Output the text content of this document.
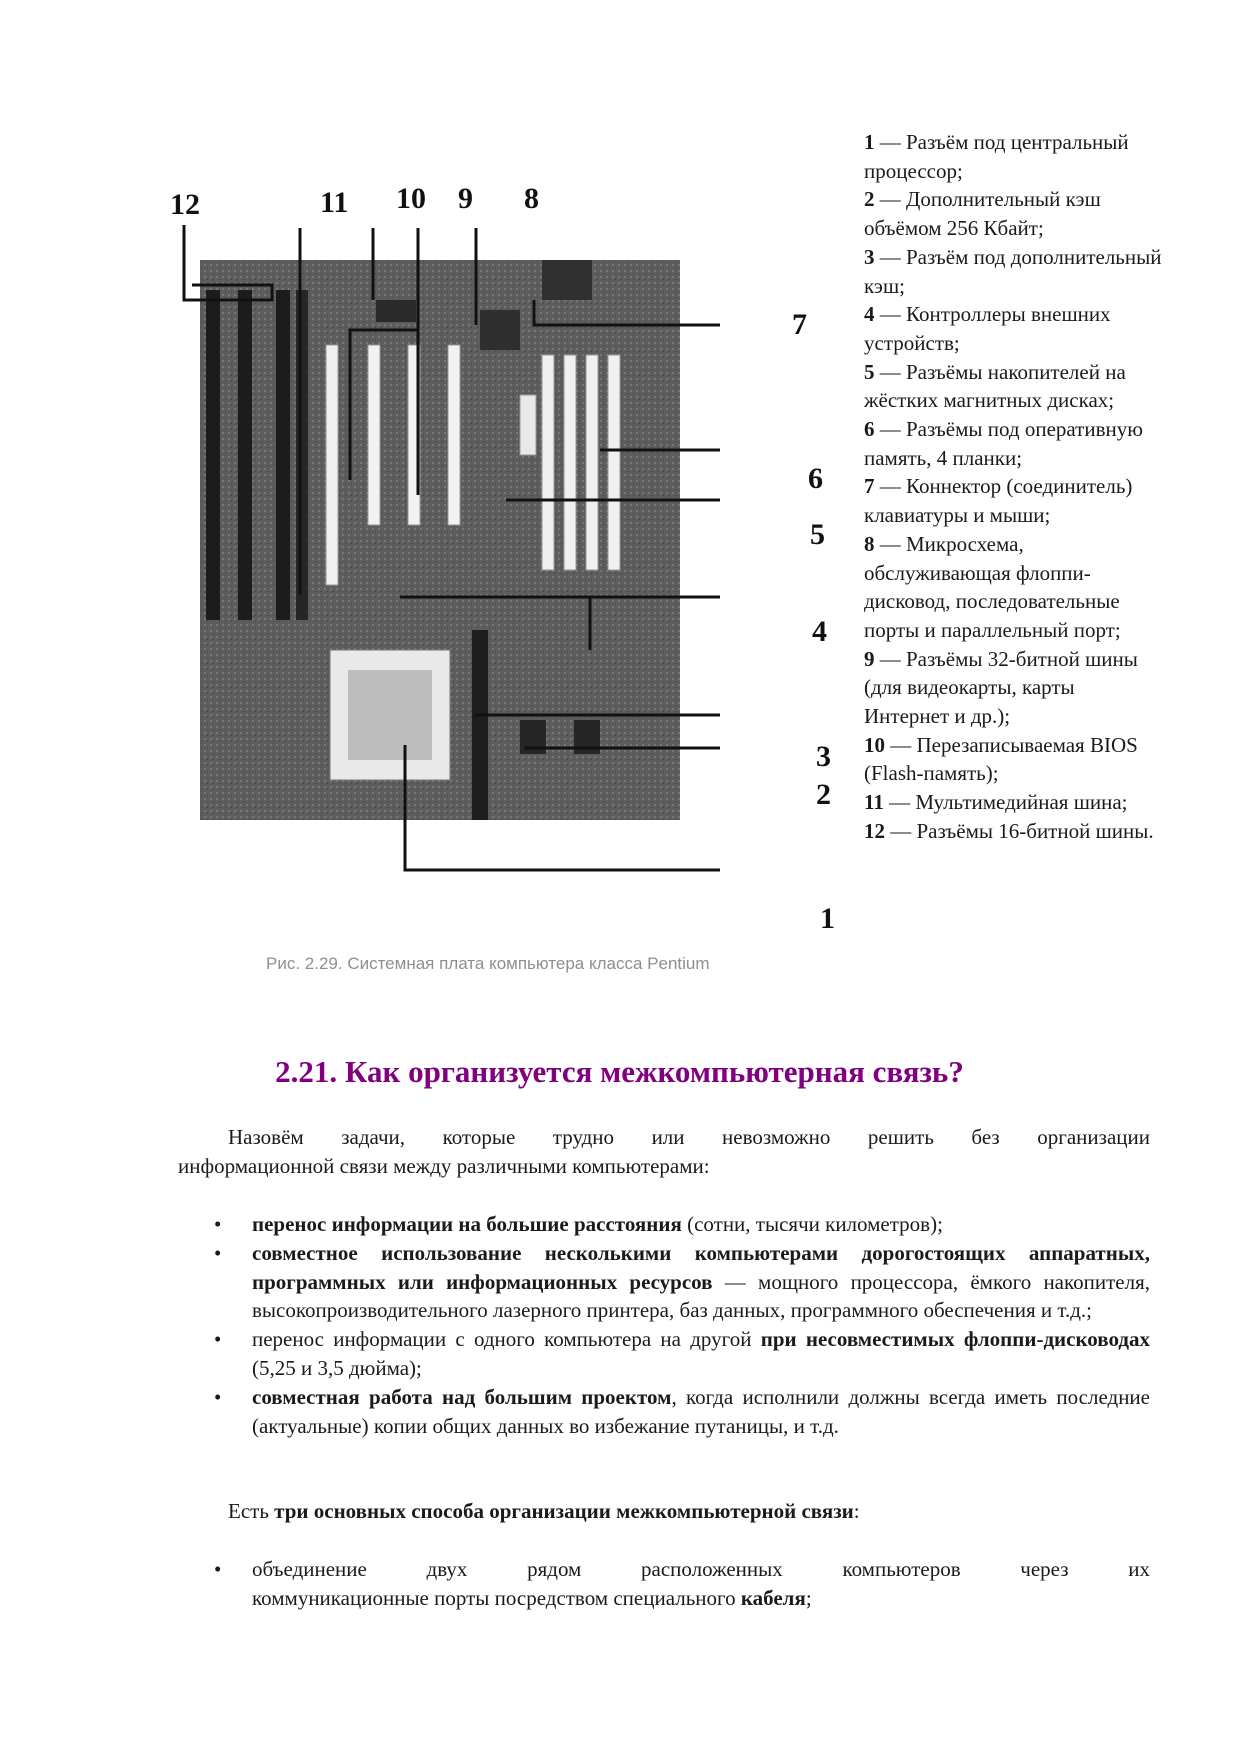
12	11 10 9 8
7
6
5
4
3
2
1
Рис. 2.29. Системная плата компьютера класса Pentium
1 — Разъём под центральный процессор;
2 — Дополнительный кэш объёмом 256 Кбайт;
3 — Разъём под дополнительный кэш;
4 — Контроллеры внешних устройств;
5 — Разъёмы накопителей на жёстких магнитных дисках;
6 — Разъёмы под оперативную память, 4 планки;
7 — Коннектор (соединитель) клавиатуры и мыши;
8 — Микросхема, обслуживающая флоппи-дисковод, последовательные порты и параллельный порт;
9 — Разъёмы 32-битной шины (для видеокарты, карты Интернет и др.);
10 — Перезаписываемая BIOS (Flash-память);
11 — Мультимедийная шина;
12 — Разъёмы 16-битной шины.
2.21. Как организуется межкомпьютерная связь?
Назовём задачи, которые трудно или невозможно решить без организации
информационной связи между различными компьютерами:
• перенос информации на большие расстояния (сотни, тысячи километров);
• совместное использование несколькими компьютерами дорогостоящих аппаратных, программных или информационных ресурсов — мощного процессора, ёмкого накопителя, высокопроизводительного лазерного принтера, баз данных, программного обеспечения и т.д.;
• перенос информации с одного компьютера на другой при несовместимых флоппи-дисководах (5,25 и 3,5 дюйма);
• совместная работа над большим проектом, когда исполнили должны всегда иметь последние (актуальные) копии общих данных во избежание путаницы, и т.д.
Есть три основных способа организации межкомпьютерной связи:
• объединение двух рядом расположенных компьютеров через их
коммуникационные порты посредством специального кабеля;
